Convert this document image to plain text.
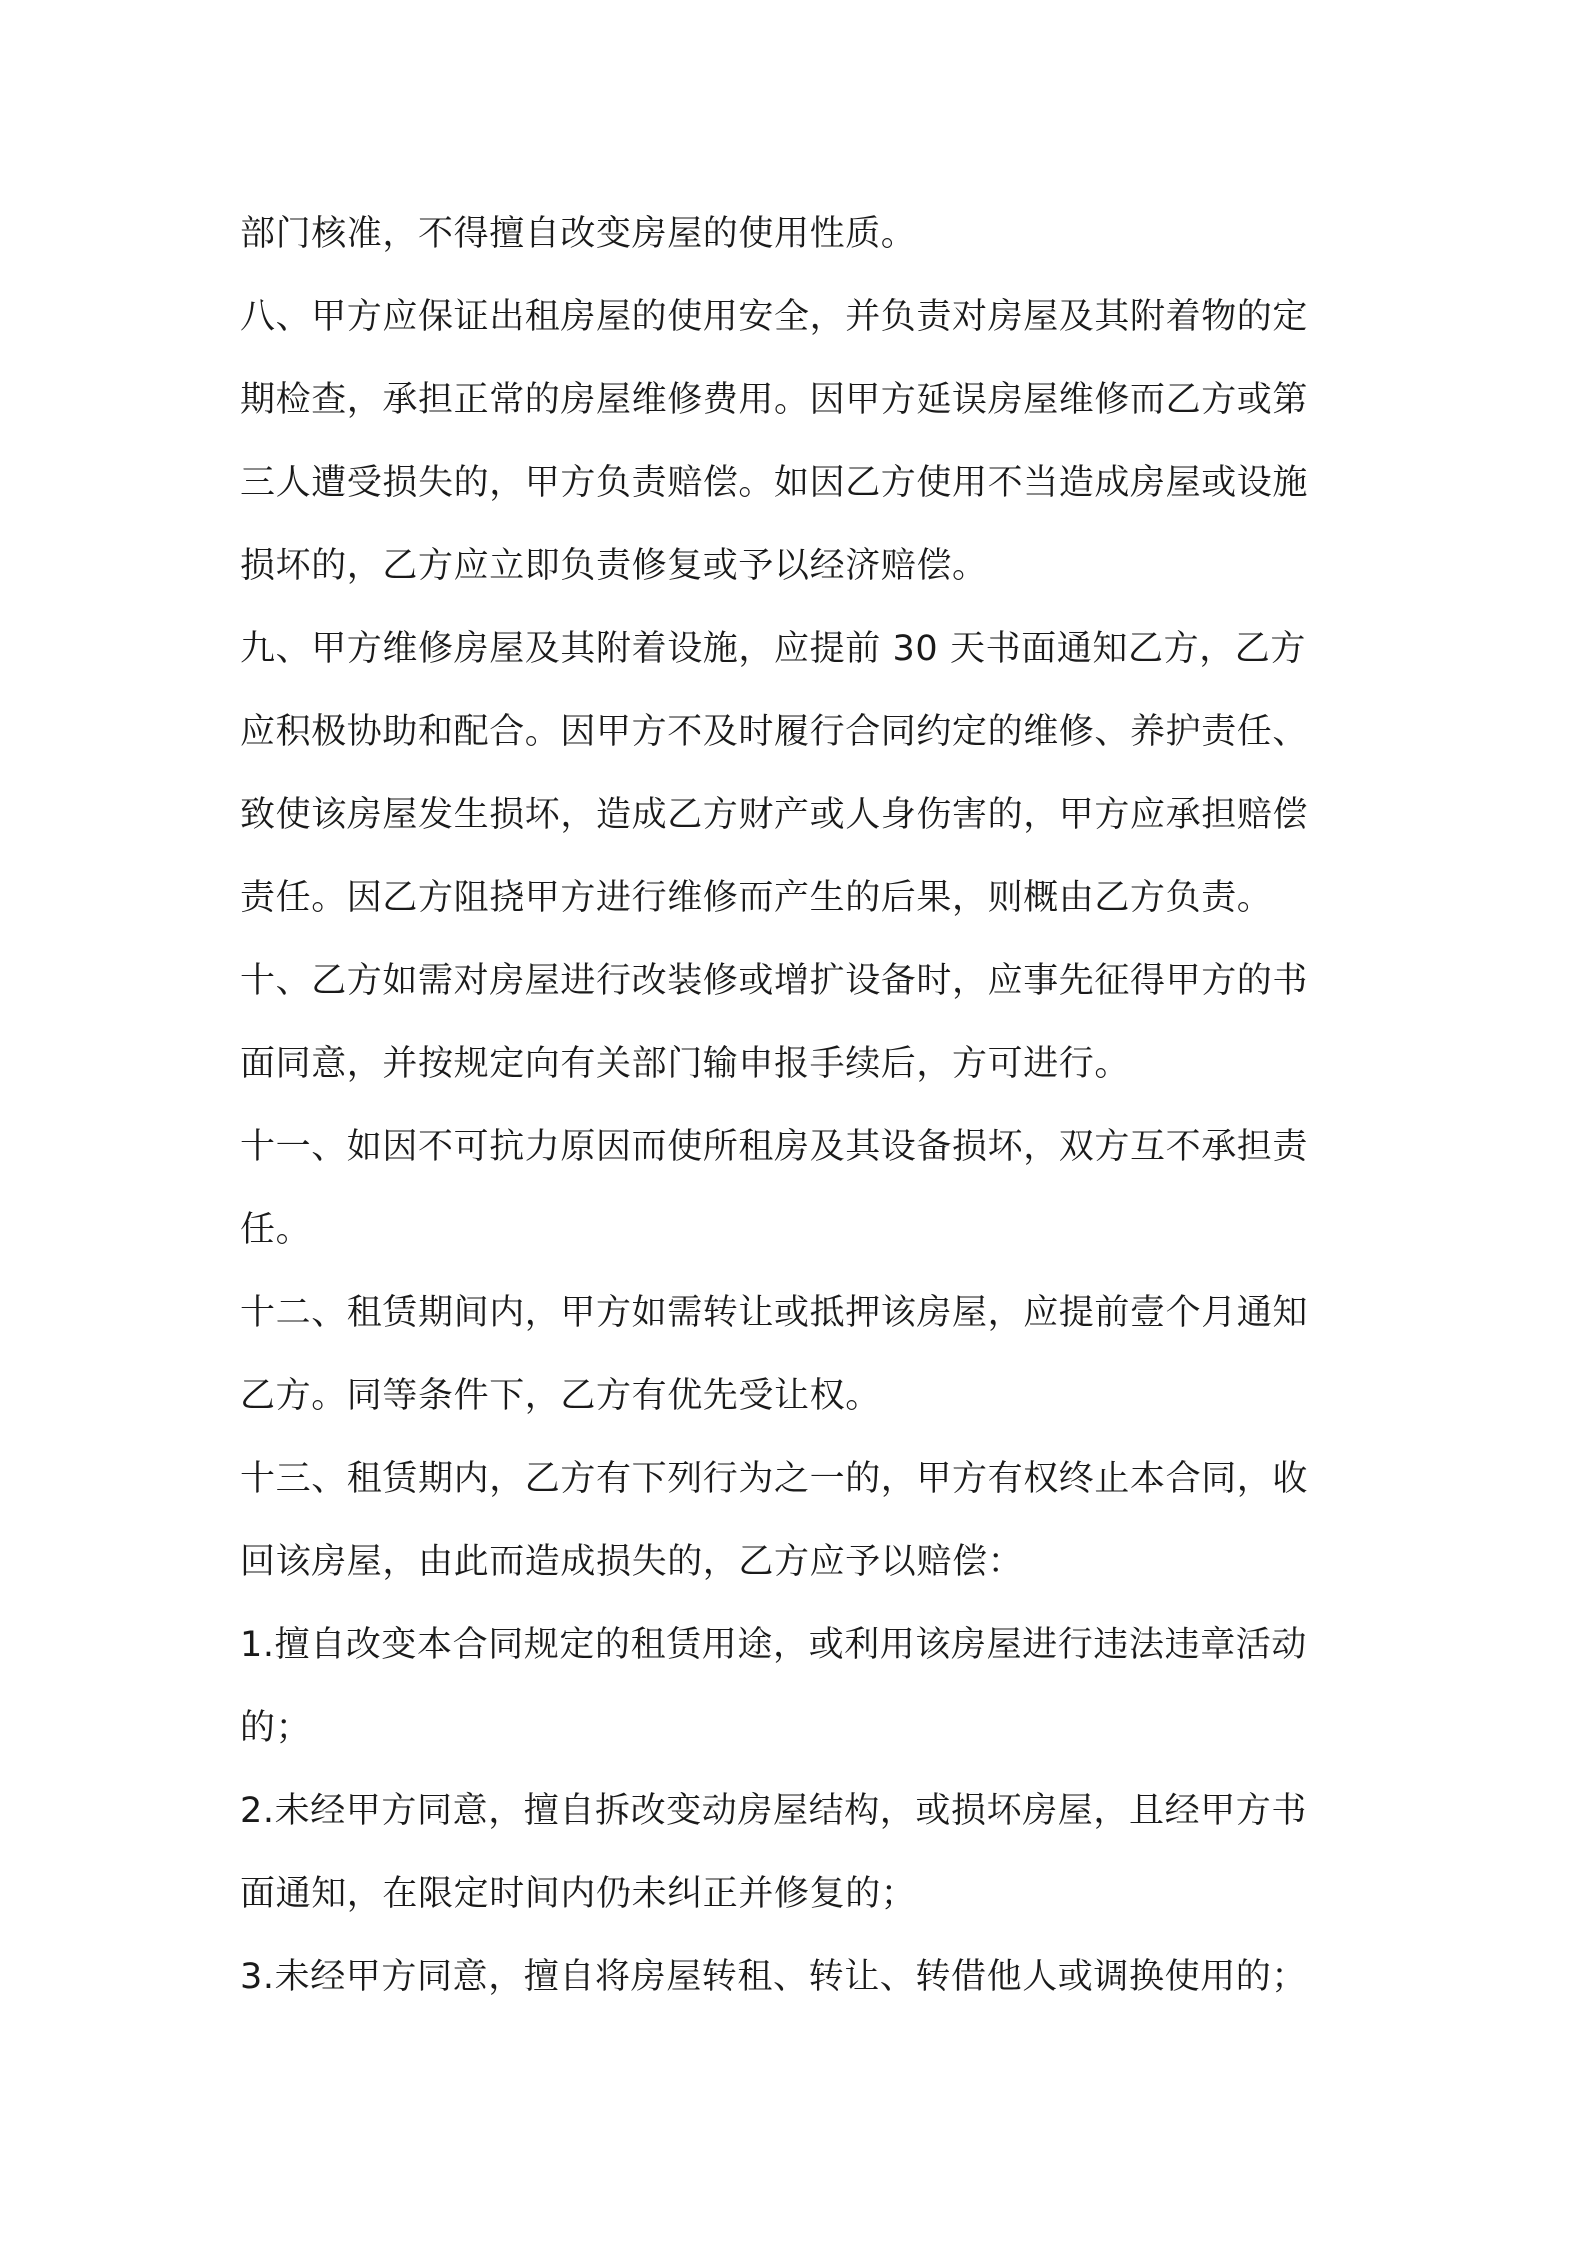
部门核准，不得擅自改变房屋的使用性质。
八、甲方应保证出租房屋的使用安全，并负责对房屋及其附着物的定
期检查，承担正常的房屋维修费用。因甲方延误房屋维修而乙方或第
三人遭受损失的，甲方负责赔偿。如因乙方使用不当造成房屋或设施
损坏的，乙方应立即负责修复或予以经济赔偿。
九、甲方维修房屋及其附着设施，应提前 30 天书面通知乙方，乙方
应积极协助和配合。因甲方不及时履行合同约定的维修、养护责任、
致使该房屋发生损坏，造成乙方财产或人身伤害的，甲方应承担赔偿
责任。因乙方阻挠甲方进行维修而产生的后果，则概由乙方负责。
十、乙方如需对房屋进行改装修或增扩设备时，应事先征得甲方的书
面同意，并按规定向有关部门输申报手续后，方可进行。
十一、如因不可抗力原因而使所租房及其设备损坏，双方互不承担责
任。
十二、租赁期间内，甲方如需转让或抵押该房屋，应提前壹个月通知
乙方。同等条件下，乙方有优先受让权。
十三、租赁期内，乙方有下列行为之一的，甲方有权终止本合同，收
回该房屋，由此而造成损失的，乙方应予以赔偿：
1.擅自改变本合同规定的租赁用途，或利用该房屋进行违法违章活动
的；
2.未经甲方同意，擅自拆改变动房屋结构，或损坏房屋，且经甲方书
面通知，在限定时间内仍未纠正并修复的；
3.未经甲方同意，擅自将房屋转租、转让、转借他人或调换使用的；
